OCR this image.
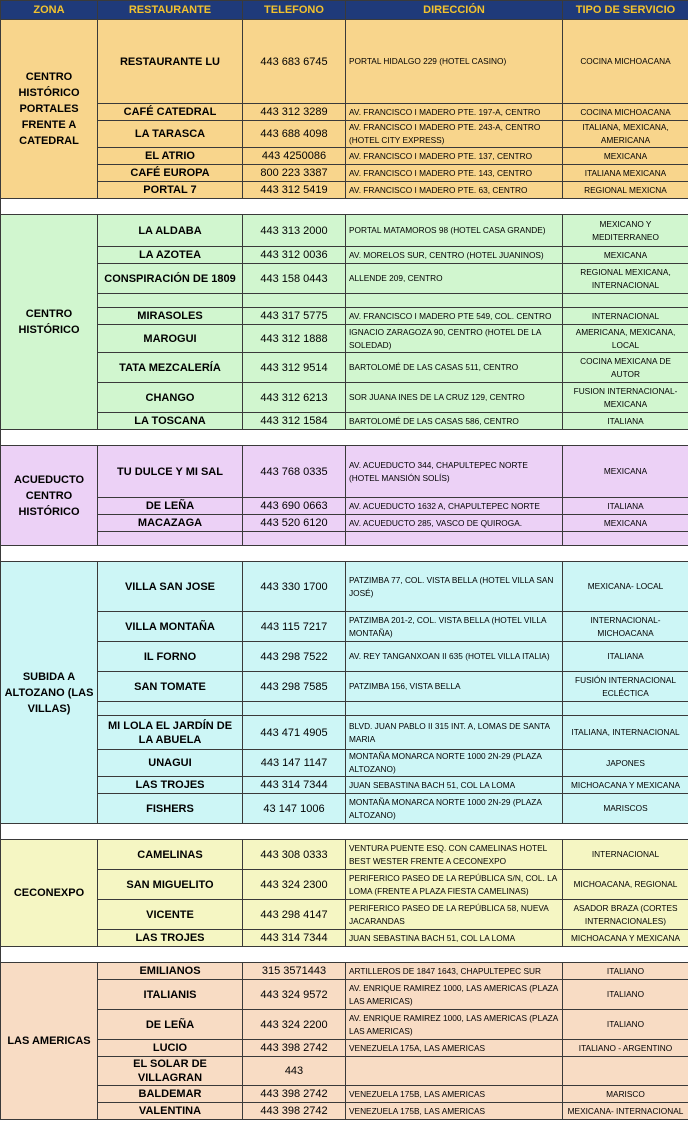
ZONA	RESTAURANTE	TELEFONO	DIRECCIÓN	TIPO DE SERVICIO
CENTRO HISTÓRICO PORTALES FRENTE A CATEDRAL	RESTAURANTE LU	443 683 6745	PORTAL HIDALGO 229 (HOTEL CASINO)	COCINA MICHOACANA
	CAFÉ CATEDRAL	443 312 3289	AV. FRANCISCO I MADERO PTE. 197-A, CENTRO	COCINA MICHOACANA
	LA TARASCA	443 688 4098	AV. FRANCISCO I MADERO PTE. 243-A, CENTRO (HOTEL CITY EXPRESS)	ITALIANA, MEXICANA, AMERICANA
	EL ATRIO	443 4250086	AV. FRANCISCO I MADERO PTE. 137, CENTRO	MEXICANA
	CAFÉ EUROPA	800 223 3387	AV. FRANCISCO I MADERO PTE. 143, CENTRO	ITALIANA MEXICANA
	PORTAL 7	443 312 5419	AV. FRANCISCO I MADERO PTE. 63, CENTRO	REGIONAL MEXICNA

CENTRO HISTÓRICO	LA ALDABA	443 313 2000	PORTAL MATAMOROS 98 (HOTEL CASA GRANDE)	MEXICANO Y MEDITERRANEO
	LA AZOTEA	443 312 0036	AV. MORELOS SUR, CENTRO (HOTEL JUANINOS)	MEXICANA
	CONSPIRACIÓN DE 1809	443 158 0443	ALLENDE 209, CENTRO	REGIONAL MEXICANA, INTERNACIONAL

	MIRASOLES	443 317 5775	AV. FRANCISCO I MADERO PTE 549, COL. CENTRO	INTERNACIONAL
	MAROGUI	443 312 1888	IGNACIO ZARAGOZA 90, CENTRO (HOTEL DE LA SOLEDAD)	AMERICANA, MEXICANA, LOCAL
	TATA MEZCALERÍA	443 312 9514	BARTOLOMÉ DE LAS CASAS 511, CENTRO	COCINA MEXICANA DE AUTOR
	CHANGO	443 312 6213	SOR JUANA INES DE LA CRUZ 129, CENTRO	FUSION INTERNACIONAL-MEXICANA
	LA TOSCANA	443 312 1584	BARTOLOMÉ DE LAS CASAS 586, CENTRO	ITALIANA

ACUEDUCTO CENTRO HISTÓRICO	TU DULCE Y MI SAL	443 768 0335	AV. ACUEDUCTO 344, CHAPULTEPEC NORTE (HOTEL MANSIÓN SOLÍS)	MEXICANA
	DE LEÑA	443 690 0663	AV. ACUEDUCTO 1632 A, CHAPULTEPEC NORTE	ITALIANA
	MACAZAGA	443 520 6120	AV. ACUEDUCTO 285, VASCO DE QUIROGA.	MEXICANA

SUBIDA A ALTOZANO (LAS VILLAS)	VILLA SAN JOSE	443 330 1700	PATZIMBA 77, COL. VISTA BELLA (HOTEL VILLA SAN JOSÉ)	MEXICANA- LOCAL
	VILLA MONTAÑA	443 115 7217	PATZIMBA 201-2, COL. VISTA BELLA (HOTEL VILLA MONTAÑA)	INTERNACIONAL-MICHOACANA
	IL FORNO	443 298 7522	AV. REY TANGANXOAN II 635 (HOTEL VILLA ITALIA)	ITALIANA
	SAN TOMATE	443 298 7585	PATZIMBA 156, VISTA BELLA	FUSIÓN INTERNACIONAL ECLÉCTICA

	MI LOLA EL JARDÍN DE LA ABUELA	443 471 4905	BLVD. JUAN PABLO II 315 INT. A, LOMAS DE SANTA MARIA	ITALIANA, INTERNACIONAL
	UNAGUI	443 147 1147	MONTAÑA MONARCA NORTE 1000 2N-29 (PLAZA ALTOZANO)	JAPONES
	LAS TROJES	443 314 7344	JUAN SEBASTINA BACH 51, COL LA LOMA	MICHOACANA Y MEXICANA
	FISHERS	43 147 1006	MONTAÑA MONARCA NORTE 1000 2N-29 (PLAZA ALTOZANO)	MARISCOS

CECONEXPO	CAMELINAS	443 308 0333	VENTURA PUENTE ESQ. CON CAMELINAS HOTEL BEST WESTER FRENTE A CECONEXPO	INTERNACIONAL
	SAN MIGUELITO	443 324 2300	PERIFERICO PASEO DE LA REPÚBLICA S/N, COL. LA LOMA (FRENTE A PLAZA FIESTA CAMELINAS)	MICHOACANA, REGIONAL
	VICENTE	443 298 4147	PERIFERICO PASEO DE LA REPÚBLICA 58, NUEVA JACARANDAS	ASADOR BRAZA (CORTES INTERNACIONALES)
	LAS TROJES	443 314 7344	JUAN SEBASTINA BACH 51, COL LA LOMA	MICHOACANA Y MEXICANA

LAS AMERICAS	EMILIANOS	315 3571443	ARTILLEROS DE 1847 1643, CHAPULTEPEC SUR	ITALIANO
	ITALIANIS	443 324 9572	AV. ENRIQUE RAMIREZ 1000, LAS AMERICAS (PLAZA LAS AMERICAS)	ITALIANO
	DE LEÑA	443 324 2200	AV. ENRIQUE RAMIREZ 1000, LAS AMERICAS (PLAZA LAS AMERICAS)	ITALIANO
	LUCIO	443 398 2742	VENEZUELA 175A, LAS AMERICAS	ITALIANO - ARGENTINO
	EL SOLAR DE VILLAGRAN	443		
	BALDEMAR	443 398 2742	VENEZUELA 175B, LAS AMERICAS	MARISCO
	VALENTINA	443 398 2742	VENEZUELA 175B, LAS AMERICAS	MEXICANA- INTERNACIONAL
